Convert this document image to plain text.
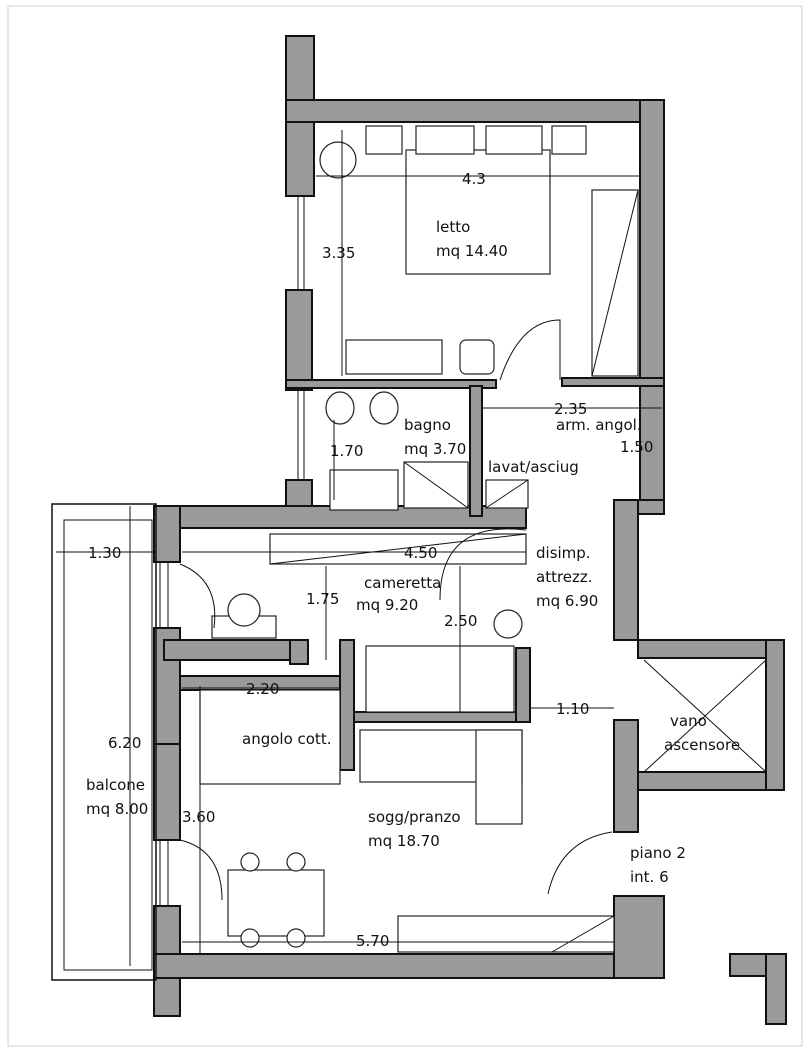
letto
mq 14.40
bagno
mq 3.70
lavat/asciug
arm. angol.
cameretta
mq 9.20
disimp.
attrezz.
mq 6.90
angolo cott.
sogg/pranzo
mq 18.70
balcone
mq 8.00
vano
ascensore
piano 2
int. 6
4.3
3.35
2.35
1.50
1.70
4.50
1.75
2.50
1.30
6.20
2.20
1.10
3.60
5.70
